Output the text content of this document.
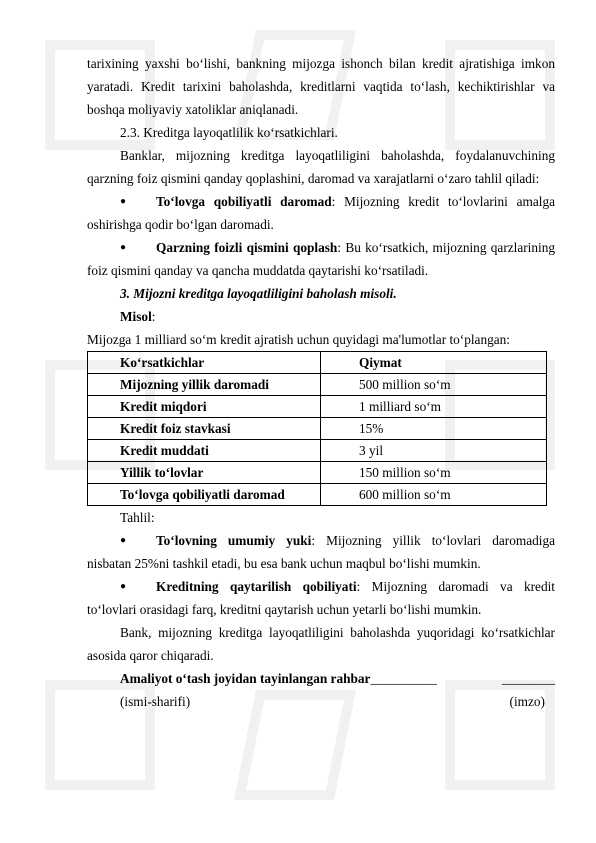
tarixining yaxshi bo‘lishi, bankning mijozga ishonch bilan kredit ajratishiga imkon yaratadi. Kredit tarixini baholashda, kreditlarni vaqtida to‘lash, kechiktirishlar va boshqa moliyaviy xatoliklar aniqlanadi.

2.3. Kreditga layoqatlilik ko‘rsatkichlari.

Banklar, mijozning kreditga layoqatliligini baholashda, foydalanuvchining qarzning foiz qismini qanday qoplashini, daromad va xarajatlarni o‘zaro tahlil qiladi:

● To‘lovga qobiliyatli daromad: Mijozning kredit to‘lovlarini amalga oshirishga qodir bo‘lgan daromadi.

● Qarzning foizli qismini qoplash: Bu ko‘rsatkich, mijozning qarzlarining foiz qismini qanday va qancha muddatda qaytarishi ko‘rsatiladi.

3. Mijozni kreditga layoqatliligini baholash misoli.

Misol:

Mijozga 1 milliard so‘m kredit ajratish uchun quyidagi ma'lumotlar to‘plangan:

Ko‘rsatkichlar	Qiymat
Mijozning yillik daromadi	500 million so‘m
Kredit miqdori	1 milliard so‘m
Kredit foiz stavkasi	15%
Kredit muddati	3 yil
Yillik to‘lovlar	150 million so‘m
To‘lovga qobiliyatli daromad	600 million so‘m

Tahlil:

● To‘lovning umumiy yuki: Mijozning yillik to‘lovlari daromadiga nisbatan 25%ni tashkil etadi, bu esa bank uchun maqbul bo‘lishi mumkin.

● Kreditning qaytarilish qobiliyati: Mijozning daromadi va kredit to‘lovlari orasidagi farq, kreditni qaytarish uchun yetarli bo‘lishi mumkin.

Bank, mijozning kreditga layoqatliligini baholashda yuqoridagi ko‘rsatkichlar asosida qaror chiqaradi.

Amaliyot o‘tash joyidan tayinlangan rahbar__________	________

(ismi-sharifi)	(imzo)
